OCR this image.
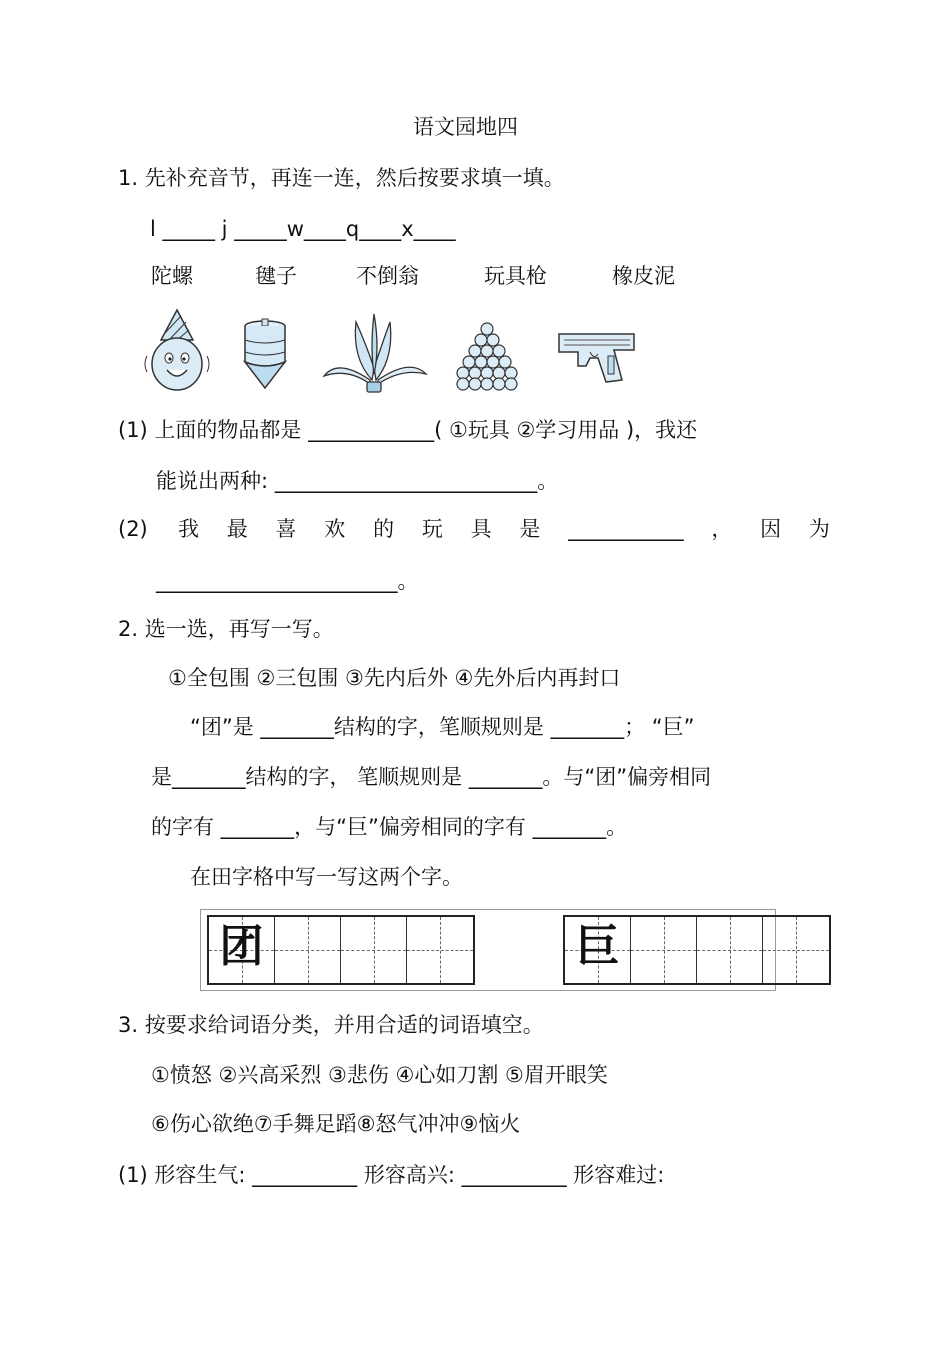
语文园地四
1. 先补充音节，再连一连，然后按要求填一填。
l _____ j _____w____q____x____
陀螺	毽子	不倒翁	玩具枪	橡皮泥
(1) 上面的物品都是 ____________( ①玩具 ②学习用品 )，我还
能说出两种: _________________________。
(2) 我 最 喜 欢 的 玩 具 是 ___________ ， 因 为
_______________________。
2. 选一选，再写一写。
①全包围 ②三包围 ③先内后外 ④先外后内再封口
“团”是 _______结构的字，笔顺规则是 _______； “巨”
是_______结构的字， 笔顺规则是 _______。与“团”偏旁相同
的字有 _______，与“巨”偏旁相同的字有 _______。
在田字格中写一写这两个字。
团	巨
3. 按要求给词语分类，并用合适的词语填空。
①愤怒 ②兴高采烈 ③悲伤 ④心如刀割 ⑤眉开眼笑
⑥伤心欲绝⑦手舞足蹈⑧怒气冲冲⑨恼火
(1) 形容生气: __________ 形容高兴: __________ 形容难过:
